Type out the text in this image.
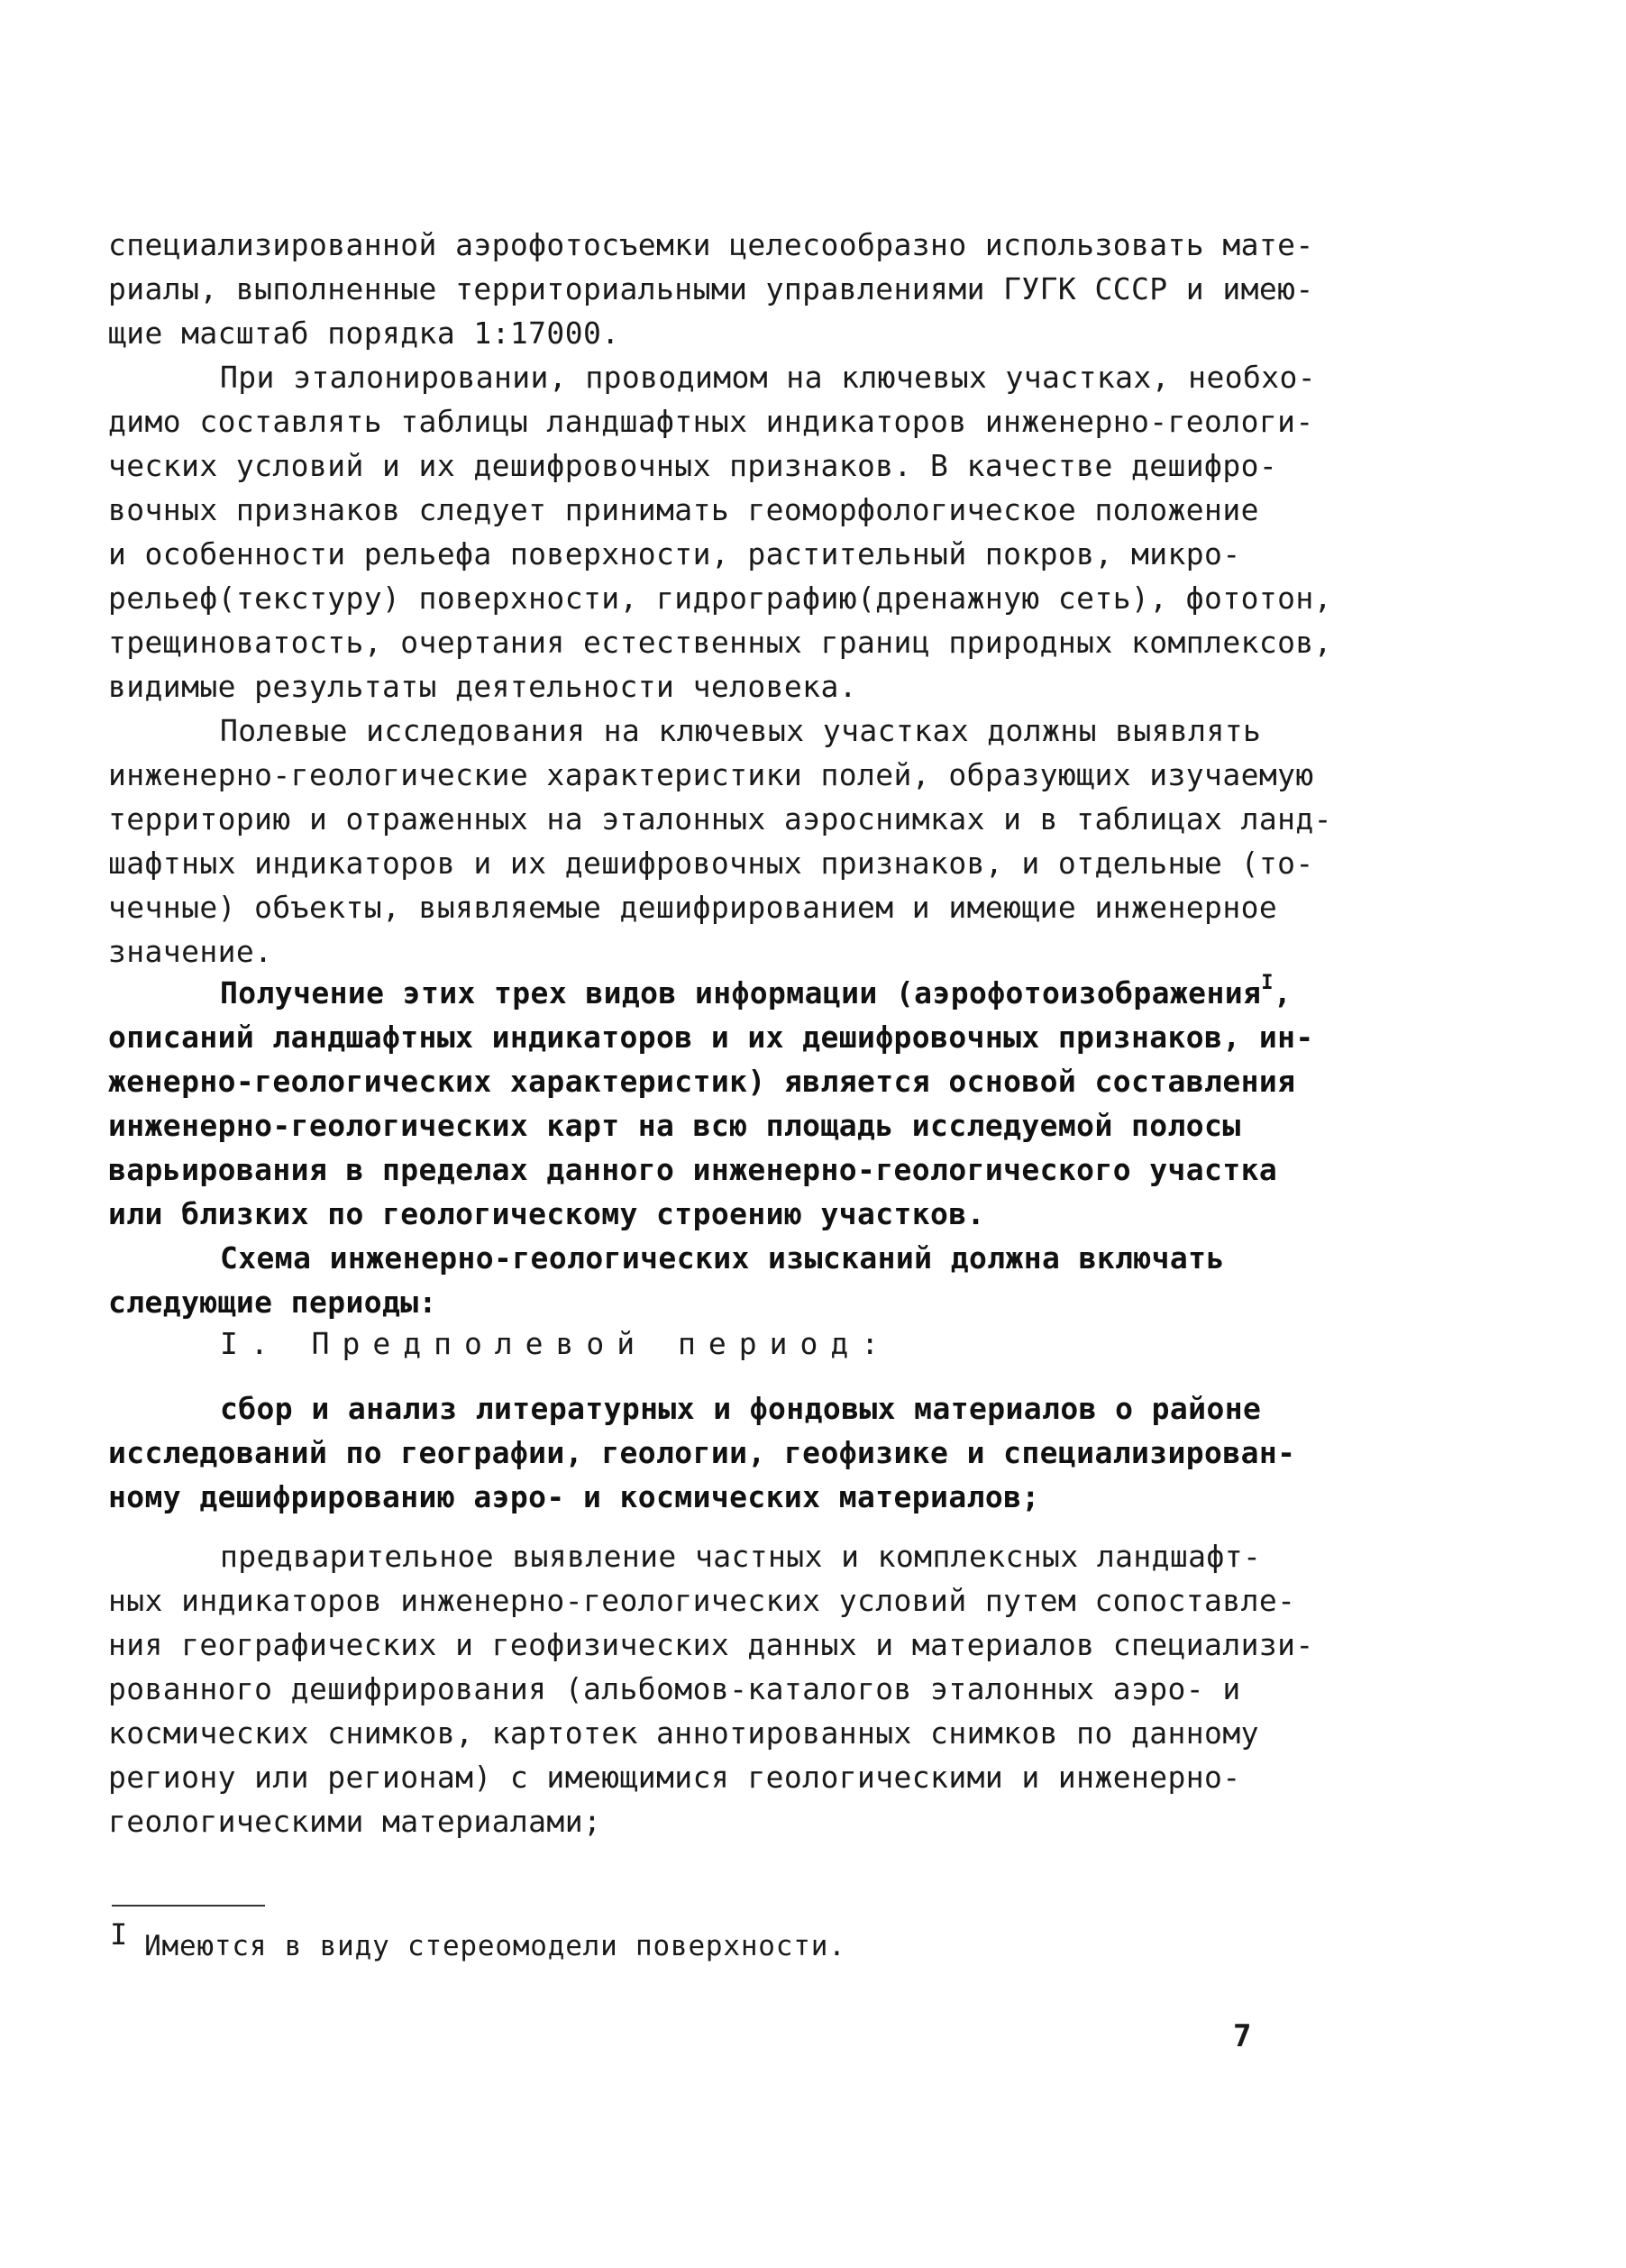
специализированной аэрофотосъемки целесообразно использовать мате-
риалы, выполненные территориальными управлениями ГУГК СССР и имею-
щие масштаб порядка 1:17000.
При эталонировании, проводимом на ключевых участках, необхо-
димо составлять таблицы ландшафтных индикаторов инженерно-геологи-
ческих условий и их дешифровочных признаков. В качестве дешифро-
вочных признаков следует принимать геоморфологическое положение
и особенности рельефа поверхности, растительный покров, микро-
рельеф(текстуру) поверхности, гидрографию(дренажную сеть), фототон,
трещиноватость, очертания естественных границ природных комплексов,
видимые результаты деятельности человека.
Полевые исследования на ключевых участках должны выявлять
инженерно-геологические характеристики полей, образующих изучаемую
территорию и отраженных на эталонных аэроснимках и в таблицах ланд-
шафтных индикаторов и их дешифровочных признаков, и отдельные (то-
чечные) объекты, выявляемые дешифрированием и имеющие инженерное
значение.
Получение этих трех видов информации (аэрофотоизображения$^I$,
описаний ландшафтных индикаторов и их дешифровочных признаков, ин-
женерно-геологических характеристик) является основой составления
инженерно-геологических карт на всю площадь исследуемой полосы
варьирования в пределах данного инженерно-геологического участка
или близких по геологическому строению участков.
Схема инженерно-геологических изысканий должна включать
следующие периоды:
I. Предполевой период:
сбор и анализ литературных и фондовых материалов о районе
исследований по географии, геологии, геофизике и специализирован-
ному дешифрированию аэро- и космических материалов;
предварительное выявление частных и комплексных ландшафт-
ных индикаторов инженерно-геологических условий путем сопоставле-
ния географических и геофизических данных и материалов специализи-
рованного дешифрирования (альбомов-каталогов эталонных аэро- и
космических снимков, картотек аннотированных снимков по данному
региону или регионам) с имеющимися геологическими и инженерно-
геологическими материалами;
I Имеются в виду стереомодели поверхности.
7
